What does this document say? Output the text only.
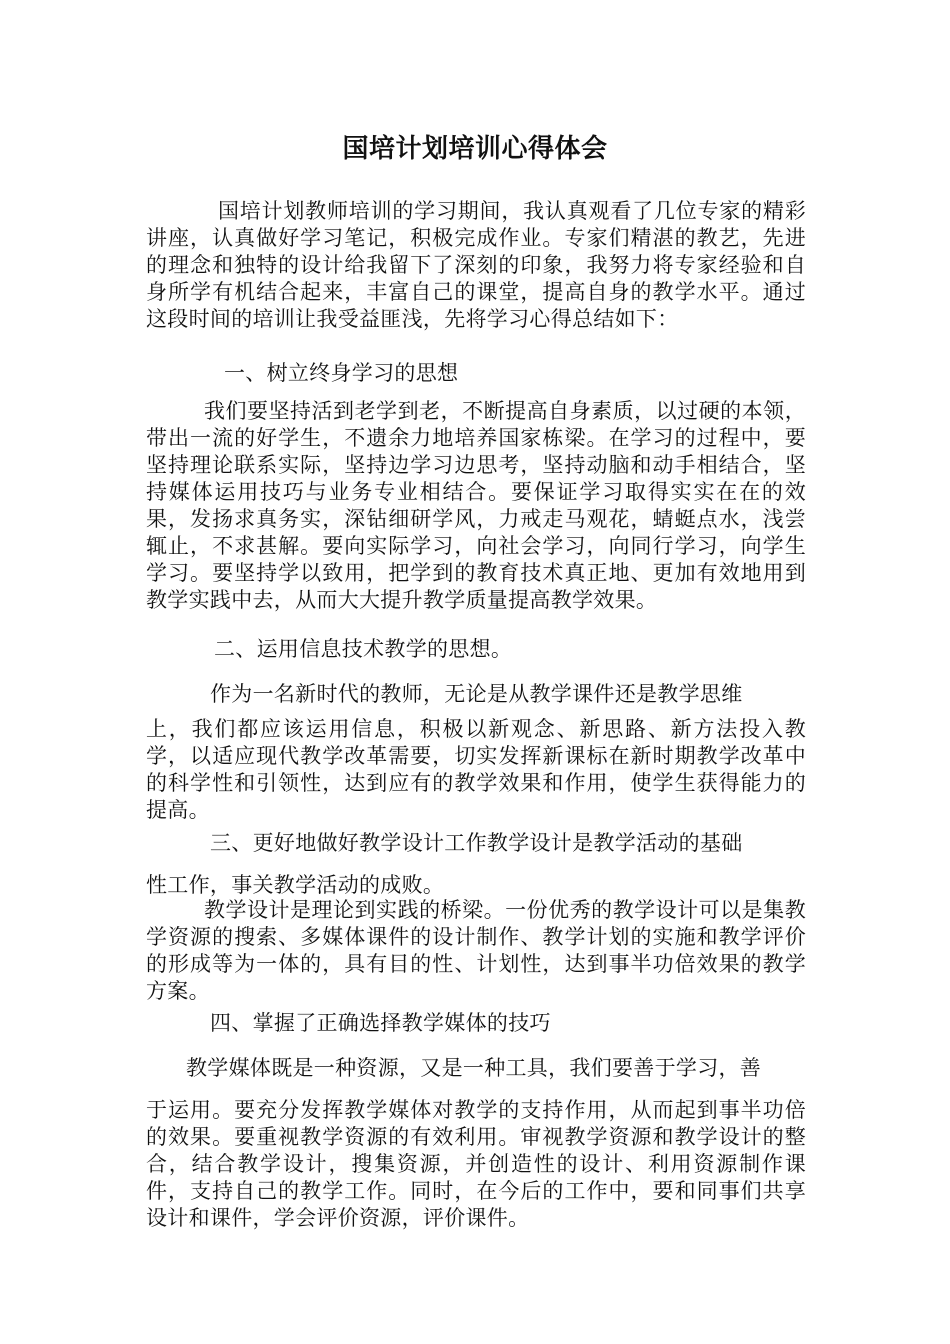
国培计划培训心得体会

国培计划教师培训的学习期间，我认真观看了几位专家的精彩讲座，认真做好学习笔记，积极完成作业。专家们精湛的教艺，先进的理念和独特的设计给我留下了深刻的印象，我努力将专家经验和自身所学有机结合起来，丰富自己的课堂，提高自身的教学水平。通过这段时间的培训让我受益匪浅，先将学习心得总结如下：

一、树立终身学习的思想

我们要坚持活到老学到老，不断提高自身素质，以过硬的本领，带出一流的好学生，不遗余力地培养国家栋梁。在学习的过程中，要坚持理论联系实际，坚持边学习边思考，坚持动脑和动手相结合，坚持媒体运用技巧与业务专业相结合。要保证学习取得实实在在的效果，发扬求真务实，深钻细研学风，力戒走马观花，蜻蜓点水，浅尝辄止，不求甚解。要向实际学习，向社会学习，向同行学习，向学生学习。要坚持学以致用，把学到的教育技术真正地、更加有效地用到教学实践中去，从而大大提升教学质量提高教学效果。

二、运用信息技术教学的思想。

作为一名新时代的教师，无论是从教学课件还是教学思维

上，我们都应该运用信息，积极以新观念、新思路、新方法投入教学，以适应现代教学改革需要，切实发挥新课标在新时期教学改革中的科学性和引领性，达到应有的教学效果和作用，使学生获得能力的提高。

三、更好地做好教学设计工作教学设计是教学活动的基础

性工作，事关教学活动的成败。

教学设计是理论到实践的桥梁。一份优秀的教学设计可以是集教学资源的搜索、多媒体课件的设计制作、教学计划的实施和教学评价的形成等为一体的，具有目的性、计划性，达到事半功倍效果的教学方案。

四、掌握了正确选择教学媒体的技巧

教学媒体既是一种资源，又是一种工具，我们要善于学习，善

于运用。要充分发挥教学媒体对教学的支持作用，从而起到事半功倍的效果。要重视教学资源的有效利用。审视教学资源和教学设计的整合，结合教学设计，搜集资源，并创造性的设计、利用资源制作课件，支持自己的教学工作。同时，在今后的工作中，要和同事们共享设计和课件，学会评价资源，评价课件。
